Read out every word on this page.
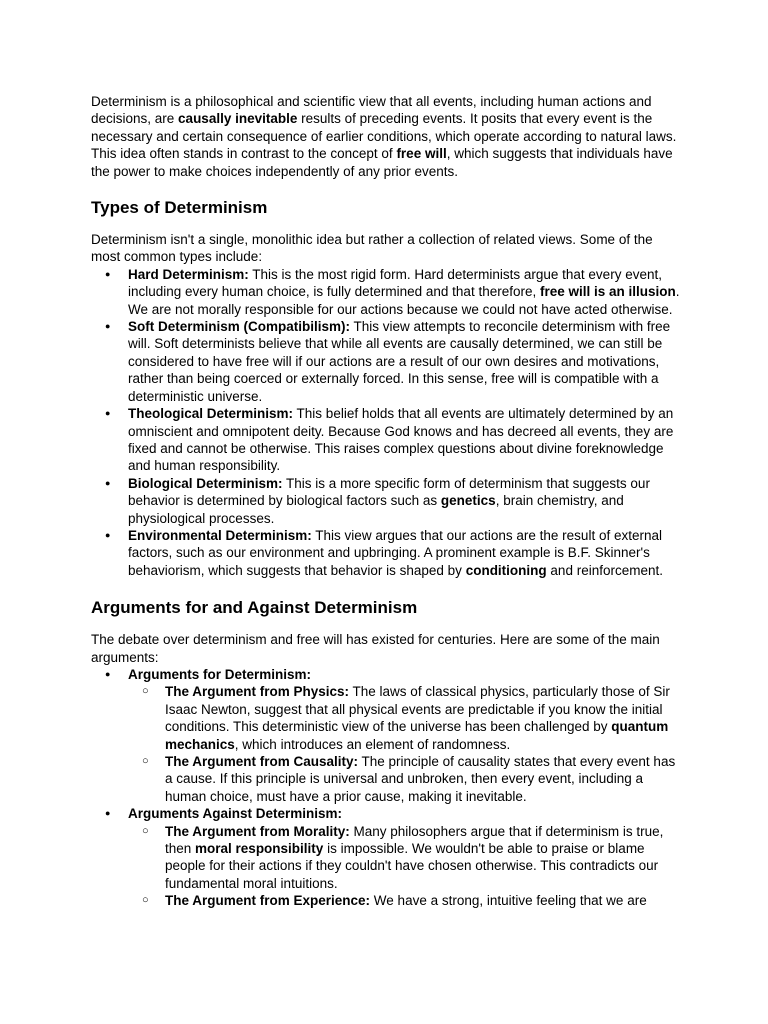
Determinism is a philosophical and scientific view that all events, including human actions and decisions, are causally inevitable results of preceding events. It posits that every event is the necessary and certain consequence of earlier conditions, which operate according to natural laws. This idea often stands in contrast to the concept of free will, which suggests that individuals have the power to make choices independently of any prior events.

Types of Determinism

Determinism isn't a single, monolithic idea but rather a collection of related views. Some of the most common types include:

● Hard Determinism: This is the most rigid form. Hard determinists argue that every event, including every human choice, is fully determined and that therefore, free will is an illusion. We are not morally responsible for our actions because we could not have acted otherwise.
● Soft Determinism (Compatibilism): This view attempts to reconcile determinism with free will. Soft determinists believe that while all events are causally determined, we can still be considered to have free will if our actions are a result of our own desires and motivations, rather than being coerced or externally forced. In this sense, free will is compatible with a deterministic universe.
● Theological Determinism: This belief holds that all events are ultimately determined by an omniscient and omnipotent deity. Because God knows and has decreed all events, they are fixed and cannot be otherwise. This raises complex questions about divine foreknowledge and human responsibility.
● Biological Determinism: This is a more specific form of determinism that suggests our behavior is determined by biological factors such as genetics, brain chemistry, and physiological processes.
● Environmental Determinism: This view argues that our actions are the result of external factors, such as our environment and upbringing. A prominent example is B.F. Skinner's behaviorism, which suggests that behavior is shaped by conditioning and reinforcement.
Arguments for and Against Determinism

The debate over determinism and free will has existed for centuries. Here are some of the main arguments:

● Arguments for Determinism:
○ The Argument from Physics: The laws of classical physics, particularly those of Sir Isaac Newton, suggest that all physical events are predictable if you know the initial conditions. This deterministic view of the universe has been challenged by quantum mechanics, which introduces an element of randomness.
○ The Argument from Causality: The principle of causality states that every event has a cause. If this principle is universal and unbroken, then every event, including a human choice, must have a prior cause, making it inevitable.
● Arguments Against Determinism:
○ The Argument from Morality: Many philosophers argue that if determinism is true, then moral responsibility is impossible. We wouldn't be able to praise or blame people for their actions if they couldn't have chosen otherwise. This contradicts our fundamental moral intuitions.
○ The Argument from Experience: We have a strong, intuitive feeling that we are
